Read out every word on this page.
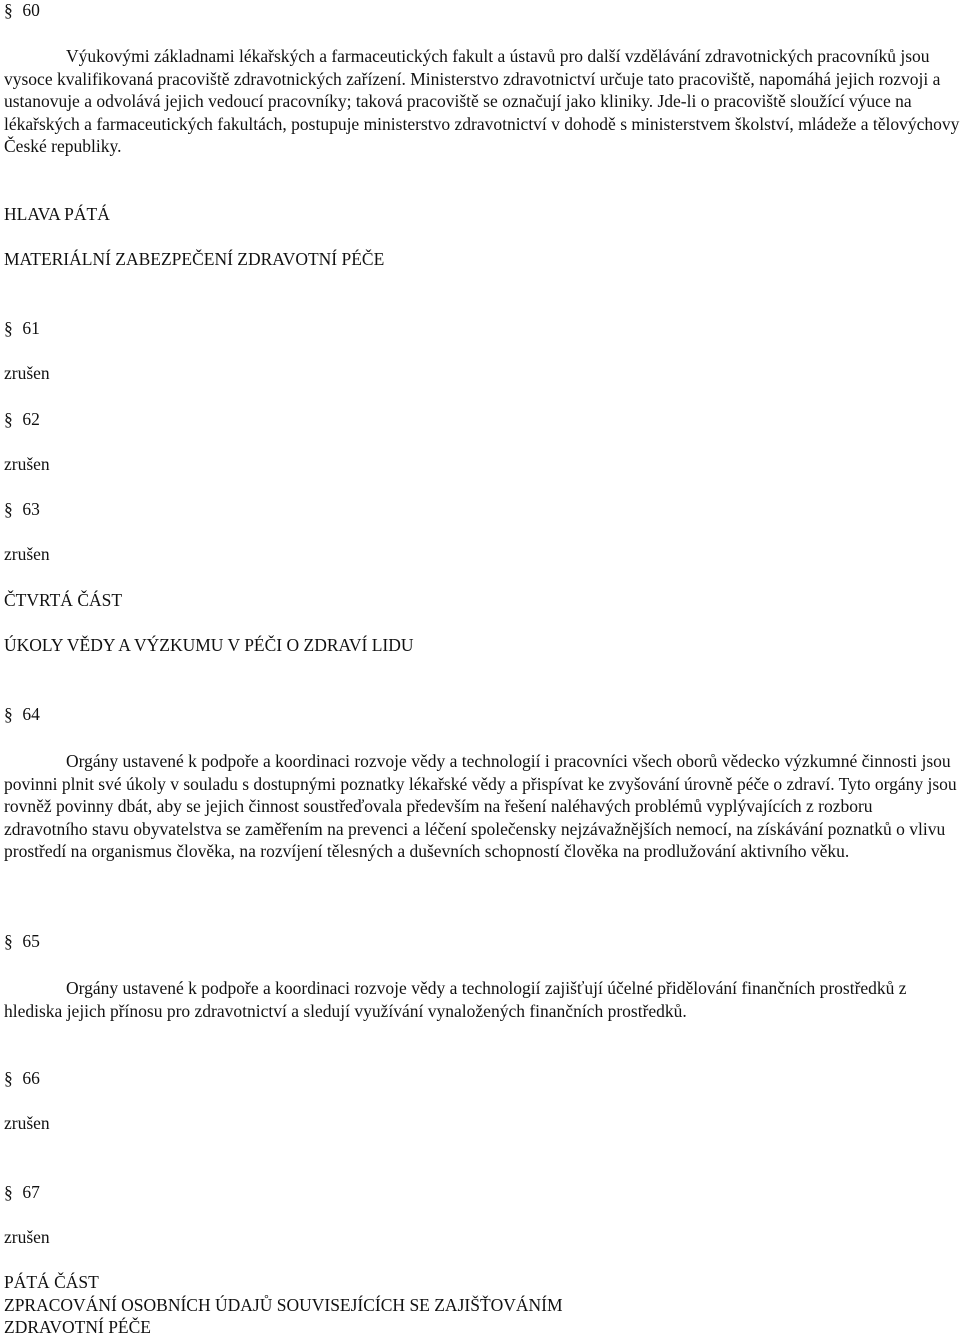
§ 60
Výukovými základnami lékařských a farmaceutických fakult a ústavů pro další vzdělávání zdravotnických pracovníků jsou vysoce kvalifikovaná pracoviště zdravotnických zařízení. Ministerstvo zdravotnictví určuje tato pracoviště, napomáhá jejich rozvoji a ustanovuje a odvolává jejich vedoucí pracovníky; taková pracoviště se označují jako kliniky. Jde-li o pracoviště sloužící výuce na lékařských a farmaceutických fakultách, postupuje ministerstvo zdravotnictví v dohodě s ministerstvem školství, mládeže a tělovýchovy České republiky.
HLAVA PÁTÁ
MATERIÁLNÍ ZABEZPEČENÍ ZDRAVOTNÍ PÉČE
§ 61
zrušen
§ 62
zrušen
§ 63
zrušen
ČTVRTÁ ČÁST
ÚKOLY VĚDY A VÝZKUMU V PÉČI O ZDRAVÍ LIDU
§ 64
Orgány ustavené k podpoře a koordinaci rozvoje vědy a technologií i pracovníci všech oborů vědecko výzkumné činnosti jsou povinni plnit své úkoly v souladu s dostupnými poznatky lékařské vědy a přispívat ke zvyšování úrovně péče o zdraví. Tyto orgány jsou rovněž povinny dbát, aby se jejich činnost soustřeďovala především na řešení naléhavých problémů vyplývajících z rozboru zdravotního stavu obyvatelstva se zaměřením na prevenci a léčení společensky nejzávažnějších nemocí, na získávání poznatků o vlivu prostředí na organismus člověka, na rozvíjení tělesných a duševních schopností člověka na prodlužování aktivního věku.
§ 65
Orgány ustavené k podpoře a koordinaci rozvoje vědy a technologií zajišťují účelné přidělování finančních prostředků z hlediska jejich přínosu pro zdravotnictví a sledují využívání vynaložených finančních prostředků.
§ 66
zrušen
§ 67
zrušen
PÁTÁ ČÁST
ZPRACOVÁNÍ OSOBNÍCH ÚDAJŮ SOUVISEJÍCÍCH SE ZAJIŠŤOVÁNÍM
ZDRAVOTNÍ PÉČE
